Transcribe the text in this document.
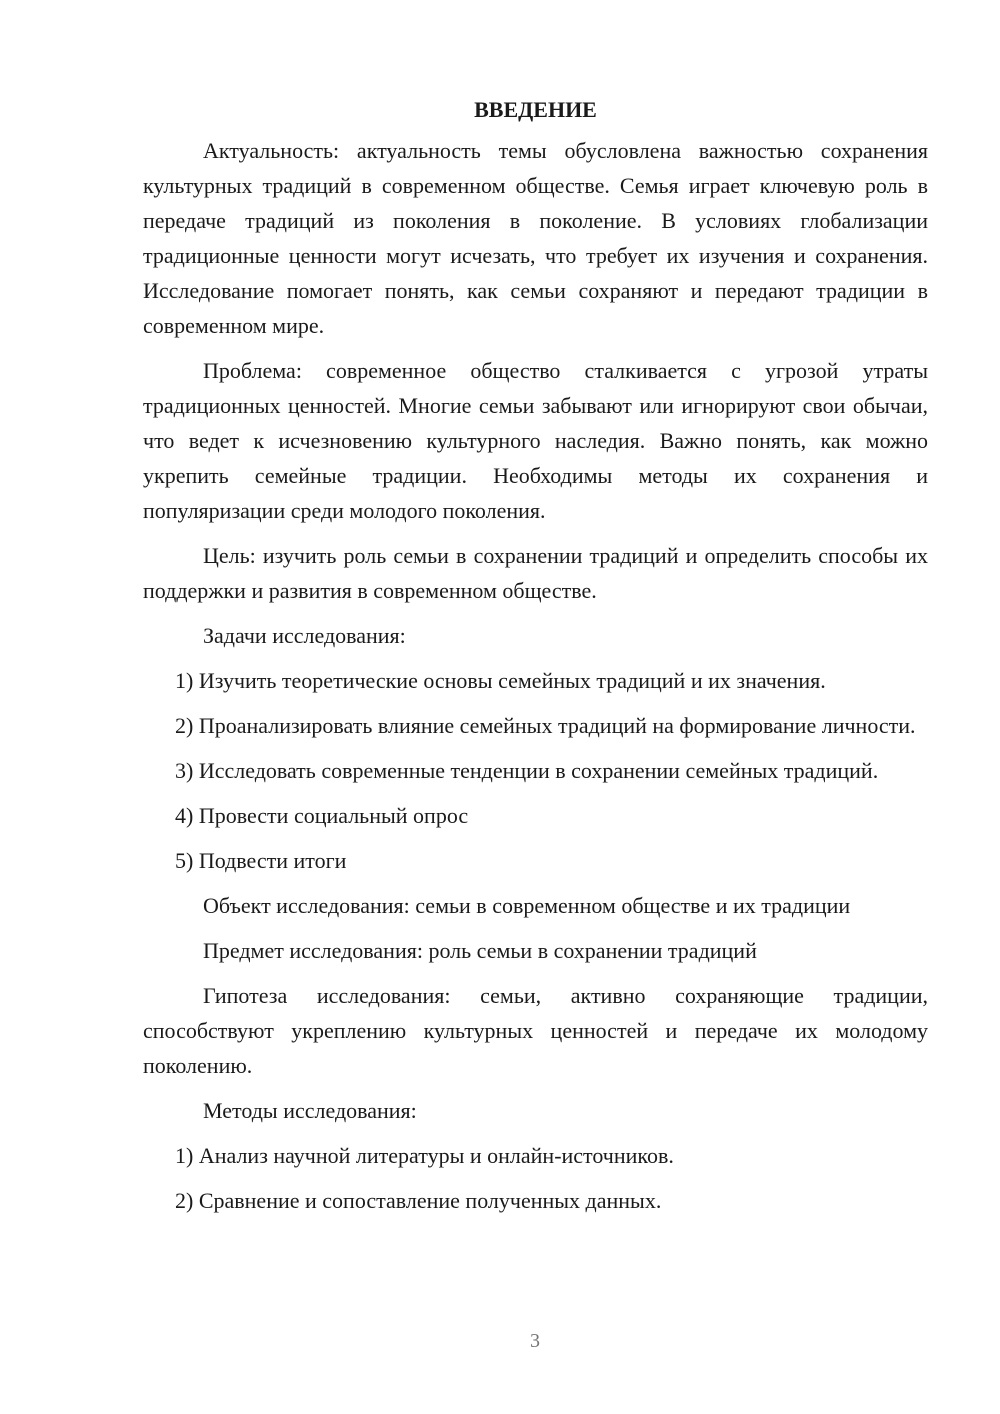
ВВЕДЕНИЕ

Актуальность: актуальность темы обусловлена важностью сохранения культурных традиций в современном обществе. Семья играет ключевую роль в передаче традиций из поколения в поколение. В условиях глобализации традиционные ценности могут исчезать, что требует их изучения и сохранения. Исследование помогает понять, как семьи сохраняют и передают традиции в современном мире.

Проблема: современное общество сталкивается с угрозой утраты традиционных ценностей. Многие семьи забывают или игнорируют свои обычаи, что ведет к исчезновению культурного наследия. Важно понять, как можно укрепить семейные традиции. Необходимы методы их сохранения и популяризации среди молодого поколения.

Цель: изучить роль семьи в сохранении традиций и определить способы их поддержки и развития в современном обществе.

Задачи исследования:

1) Изучить теоретические основы семейных традиций и их значения.

2) Проанализировать влияние семейных традиций на формирование личности.

3) Исследовать современные тенденции в сохранении семейных традиций.

4) Провести социальный опрос

5) Подвести итоги

Объект исследования: семьи в современном обществе и их традиции

Предмет исследования: роль семьи в сохранении традиций

Гипотеза исследования: семьи, активно сохраняющие традиции, способствуют укреплению культурных ценностей и передаче их молодому поколению.

Методы исследования:

1) Анализ научной литературы и онлайн-источников.

2) Сравнение и сопоставление полученных данных.

3
